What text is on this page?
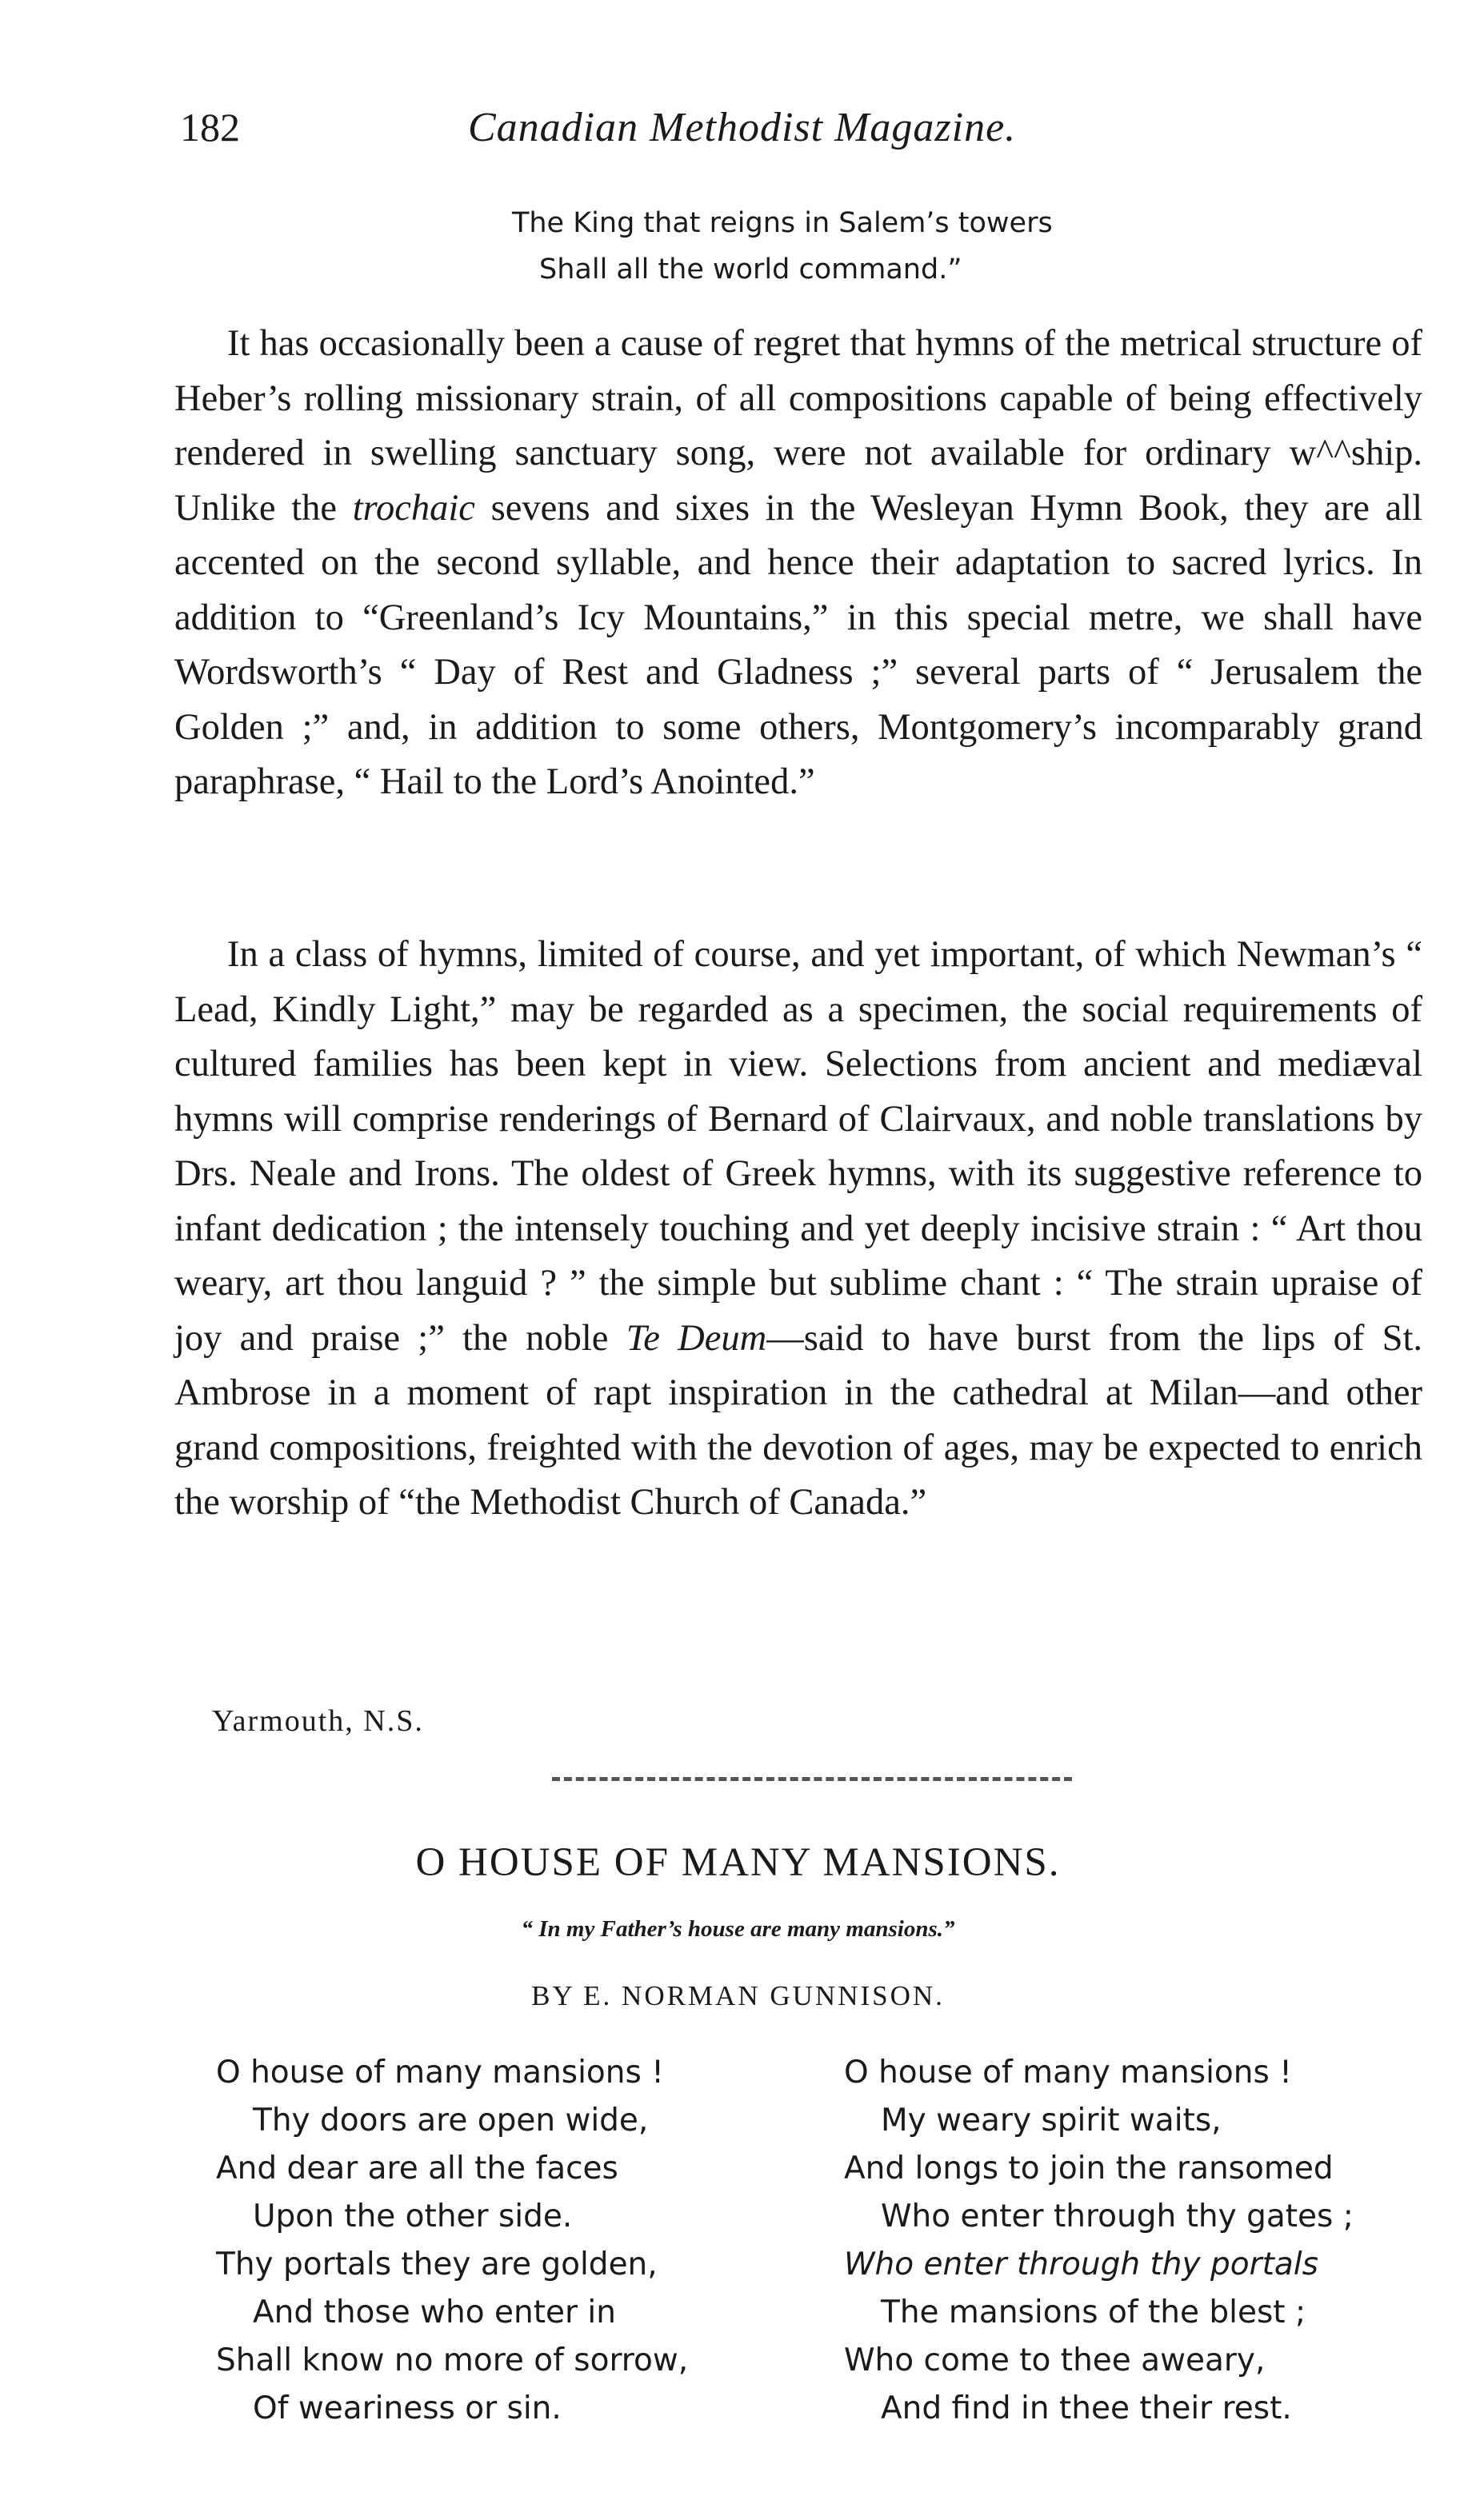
182	Canadian Methodist Magazine.
The King that reigns in Salem’s towers
Shall all the world command.”

It has occasionally been a cause of regret that hymns of the metrical structure of Heber’s rolling missionary strain, of all compositions capable of being effectively rendered in swelling sanctuary song, were not available for ordinary w^^ship. Unlike the trochaic sevens and sixes in the Wesleyan Hymn Book, they are all accented on the second syllable, and hence their adaptation to sacred lyrics. In addition to “Greenland’s Icy Mountains,” in this special metre, we shall have Wordsworth’s “ Day of Rest and Gladness ;” several parts of “ Jerusalem the Golden ;” and, in addition to some others, Montgomery’s incomparably grand paraphrase, “ Hail to the Lord’s Anointed.”

In a class of hymns, limited of course, and yet important, of which Newman’s “ Lead, Kindly Light,” may be regarded as a specimen, the social requirements of cultured families has been kept in view. Selections from ancient and mediæval hymns will comprise renderings of Bernard of Clairvaux, and noble translations by Drs. Neale and Irons. The oldest of Greek hymns, with its suggestive reference to infant dedication ; the intensely touching and yet deeply incisive strain : “ Art thou weary, art thou languid ? ” the simple but sublime chant : “ The strain upraise of joy and praise ;” the noble Te Deum—said to have burst from the lips of St. Ambrose in a moment of rapt inspiration in the cathedral at Milan—and other grand compositions, freighted with the devotion of ages, may be expected to enrich the worship of “the Methodist Church of Canada.”

Yarmouth, N.S.
O HOUSE OF MANY MANSIONS.
“ In my Father’s house are many mansions.”
BY E. NORMAN GUNNISON.
O house of many mansions !
Thy doors are open wide,
And dear are all the faces
Upon the other side.
Thy portals they are golden,
And those who enter in
Shall know no more of sorrow,
Of weariness or sin.
O house of many mansions !
My weary spirit waits,
And longs to join the ransomed
Who enter through thy gates ;
Who enter through thy portals
The mansions of the blest ;
Who come to thee aweary,
And find in thee their rest.
